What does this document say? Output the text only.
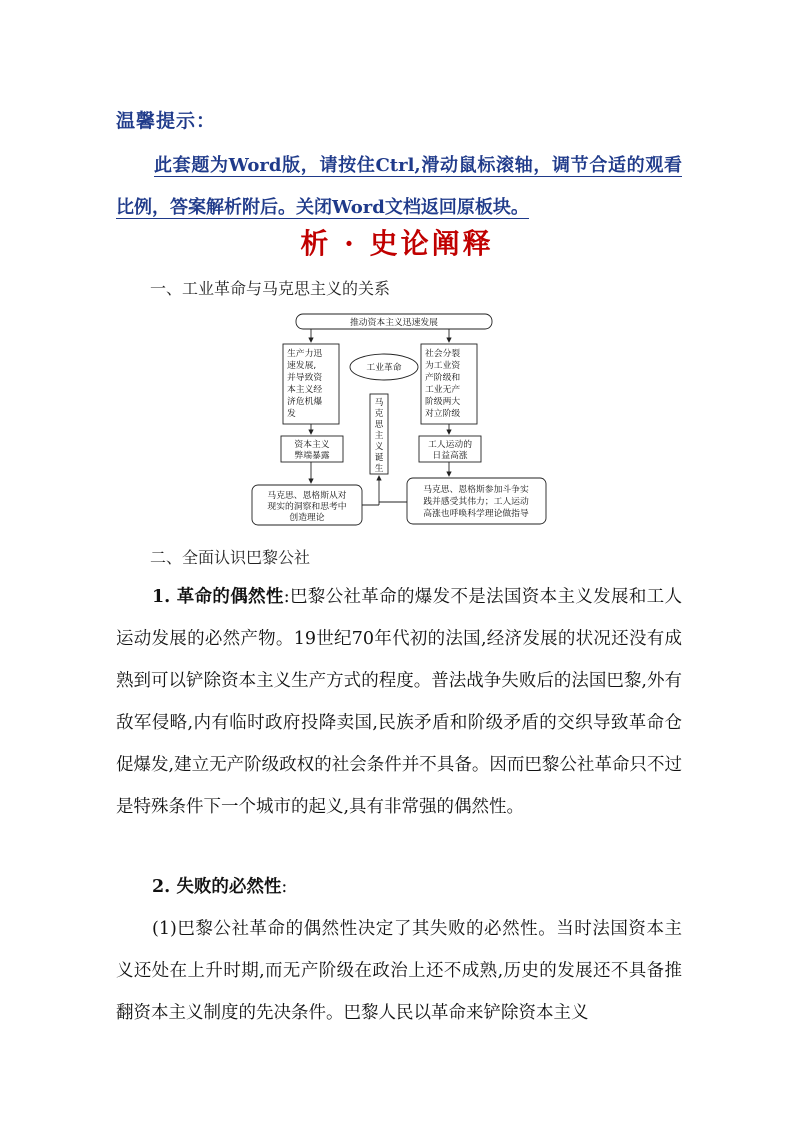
温馨提示：
此套题为Word版，请按住Ctrl,滑动鼠标滚轴，调节合适的观看比例，答案解析附后。关闭Word文档返回原板块。
析 · 史论阐释
一、工业革命与马克思主义的关系
推动资本主义迅速发展
工业革命
生产力迅
速发展,
并导致资
本主义经
济危机爆
发
社会分裂
为工业资
产阶级和
工业无产
阶级两大
对立阶级
马
克
思
主
义
诞
生
资本主义
弊端暴露
工人运动的
日益高涨
马克思、恩格斯从对
现实的洞察和思考中
创造理论
马克思、恩格斯参加斗争实
践并感受其伟力；工人运动
高涨也呼唤科学理论做指导
二、全面认识巴黎公社
1. 革命的偶然性:巴黎公社革命的爆发不是法国资本主义发展和工人运动发展的必然产物。19世纪70年代初的法国,经济发展的状况还没有成熟到可以铲除资本主义生产方式的程度。普法战争失败后的法国巴黎,外有敌军侵略,内有临时政府投降卖国,民族矛盾和阶级矛盾的交织导致革命仓促爆发,建立无产阶级政权的社会条件并不具备。因而巴黎公社革命只不过是特殊条件下一个城市的起义,具有非常强的偶然性。
2. 失败的必然性:
(1)巴黎公社革命的偶然性决定了其失败的必然性。当时法国资本主义还处在上升时期,而无产阶级在政治上还不成熟,历史的发展还不具备推翻资本主义制度的先决条件。巴黎人民以革命来铲除资本主义
